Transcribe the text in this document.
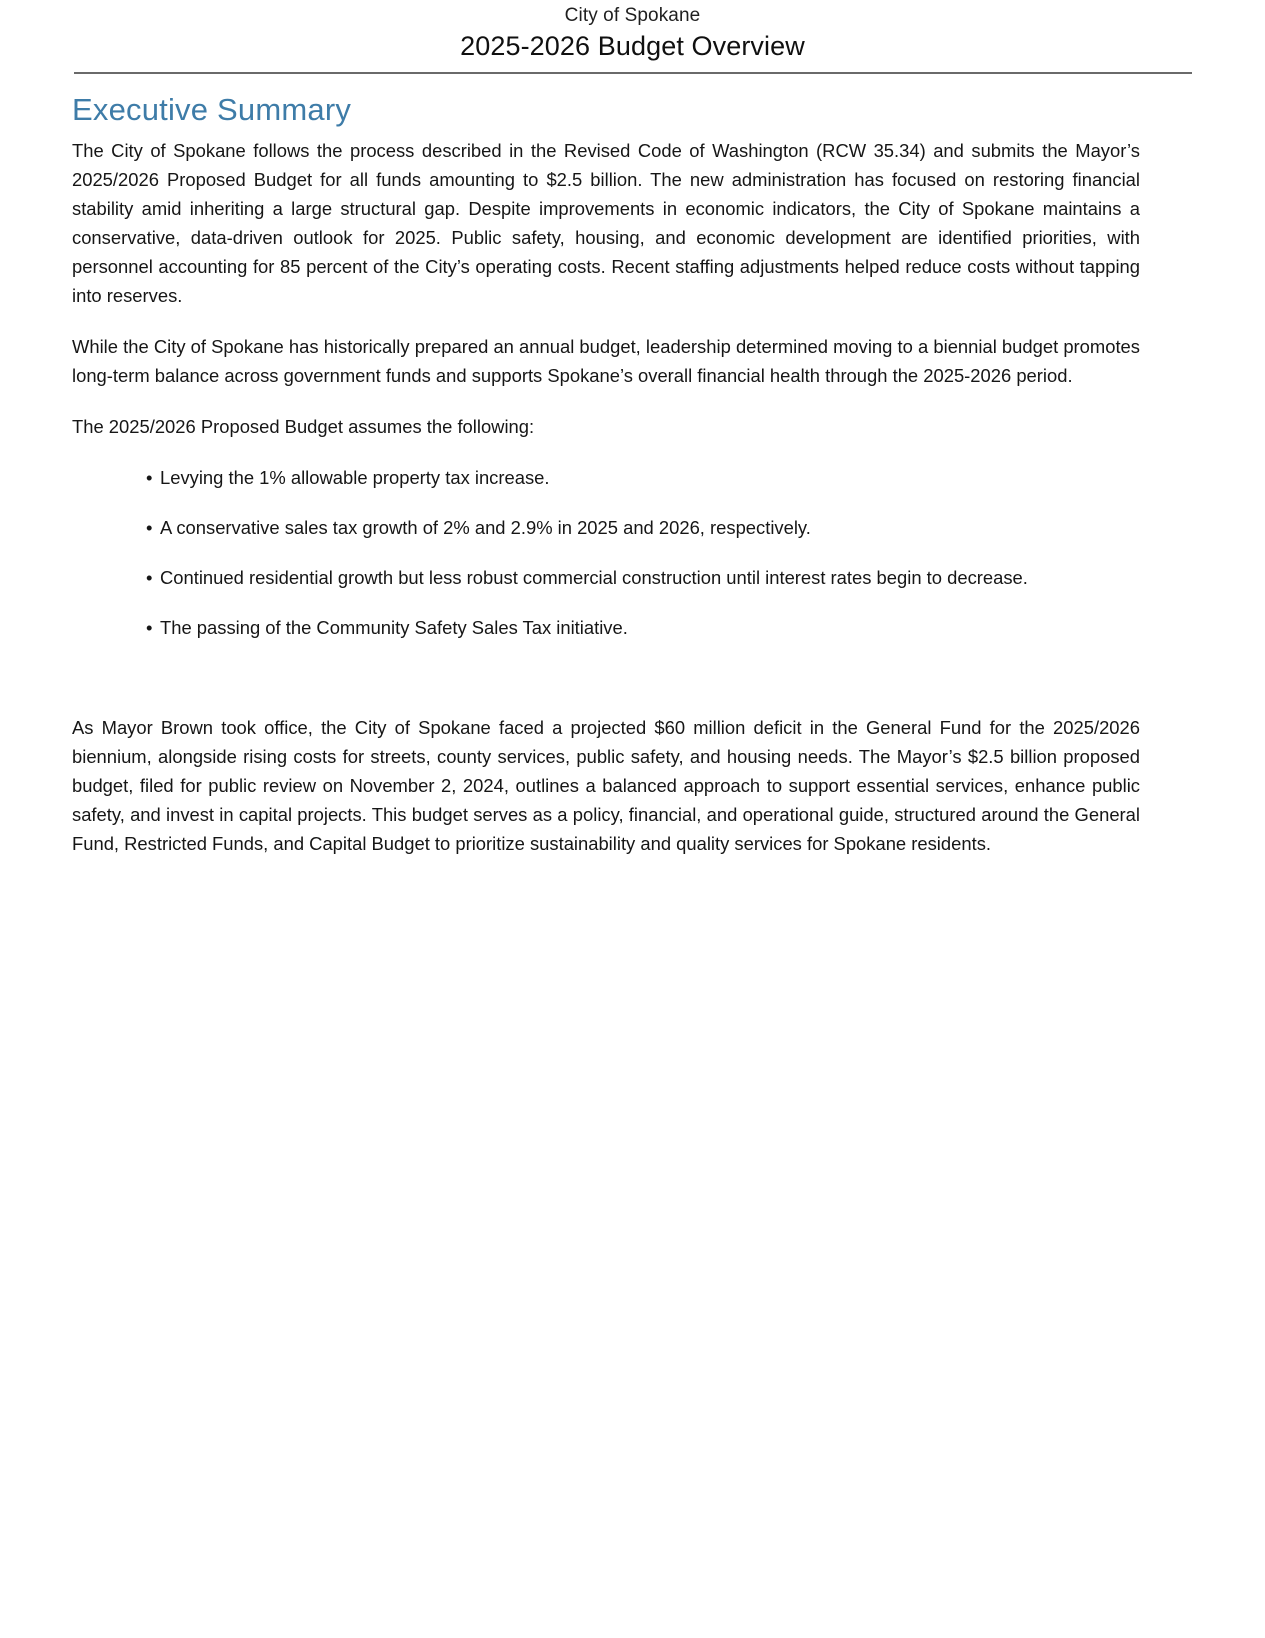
City of Spokane
2025-2026 Budget Overview
Executive Summary

The City of Spokane follows the process described in the Revised Code of Washington (RCW 35.34) and submits the Mayor’s 2025/2026 Proposed Budget for all funds amounting to $2.5 billion. The new administration has focused on restoring financial stability amid inheriting a large structural gap. Despite improvements in economic indicators, the City of Spokane maintains a conservative, data-driven outlook for 2025. Public safety, housing, and economic development are identified priorities, with personnel accounting for 85 percent of the City’s operating costs. Recent staffing adjustments helped reduce costs without tapping into reserves.

While the City of Spokane has historically prepared an annual budget, leadership determined moving to a biennial budget promotes long-term balance across government funds and supports Spokane’s overall financial health through the 2025-2026 period.

The 2025/2026 Proposed Budget assumes the following:

• Levying the 1% allowable property tax increase.
• A conservative sales tax growth of 2% and 2.9% in 2025 and 2026, respectively.
• Continued residential growth but less robust commercial construction until interest rates begin to decrease.
• The passing of the Community Safety Sales Tax initiative.

As Mayor Brown took office, the City of Spokane faced a projected $60 million deficit in the General Fund for the 2025/2026 biennium, alongside rising costs for streets, county services, public safety, and housing needs. The Mayor’s $2.5 billion proposed budget, filed for public review on November 2, 2024, outlines a balanced approach to support essential services, enhance public safety, and invest in capital projects. This budget serves as a policy, financial, and operational guide, structured around the General Fund, Restricted Funds, and Capital Budget to prioritize sustainability and quality services for Spokane residents.
